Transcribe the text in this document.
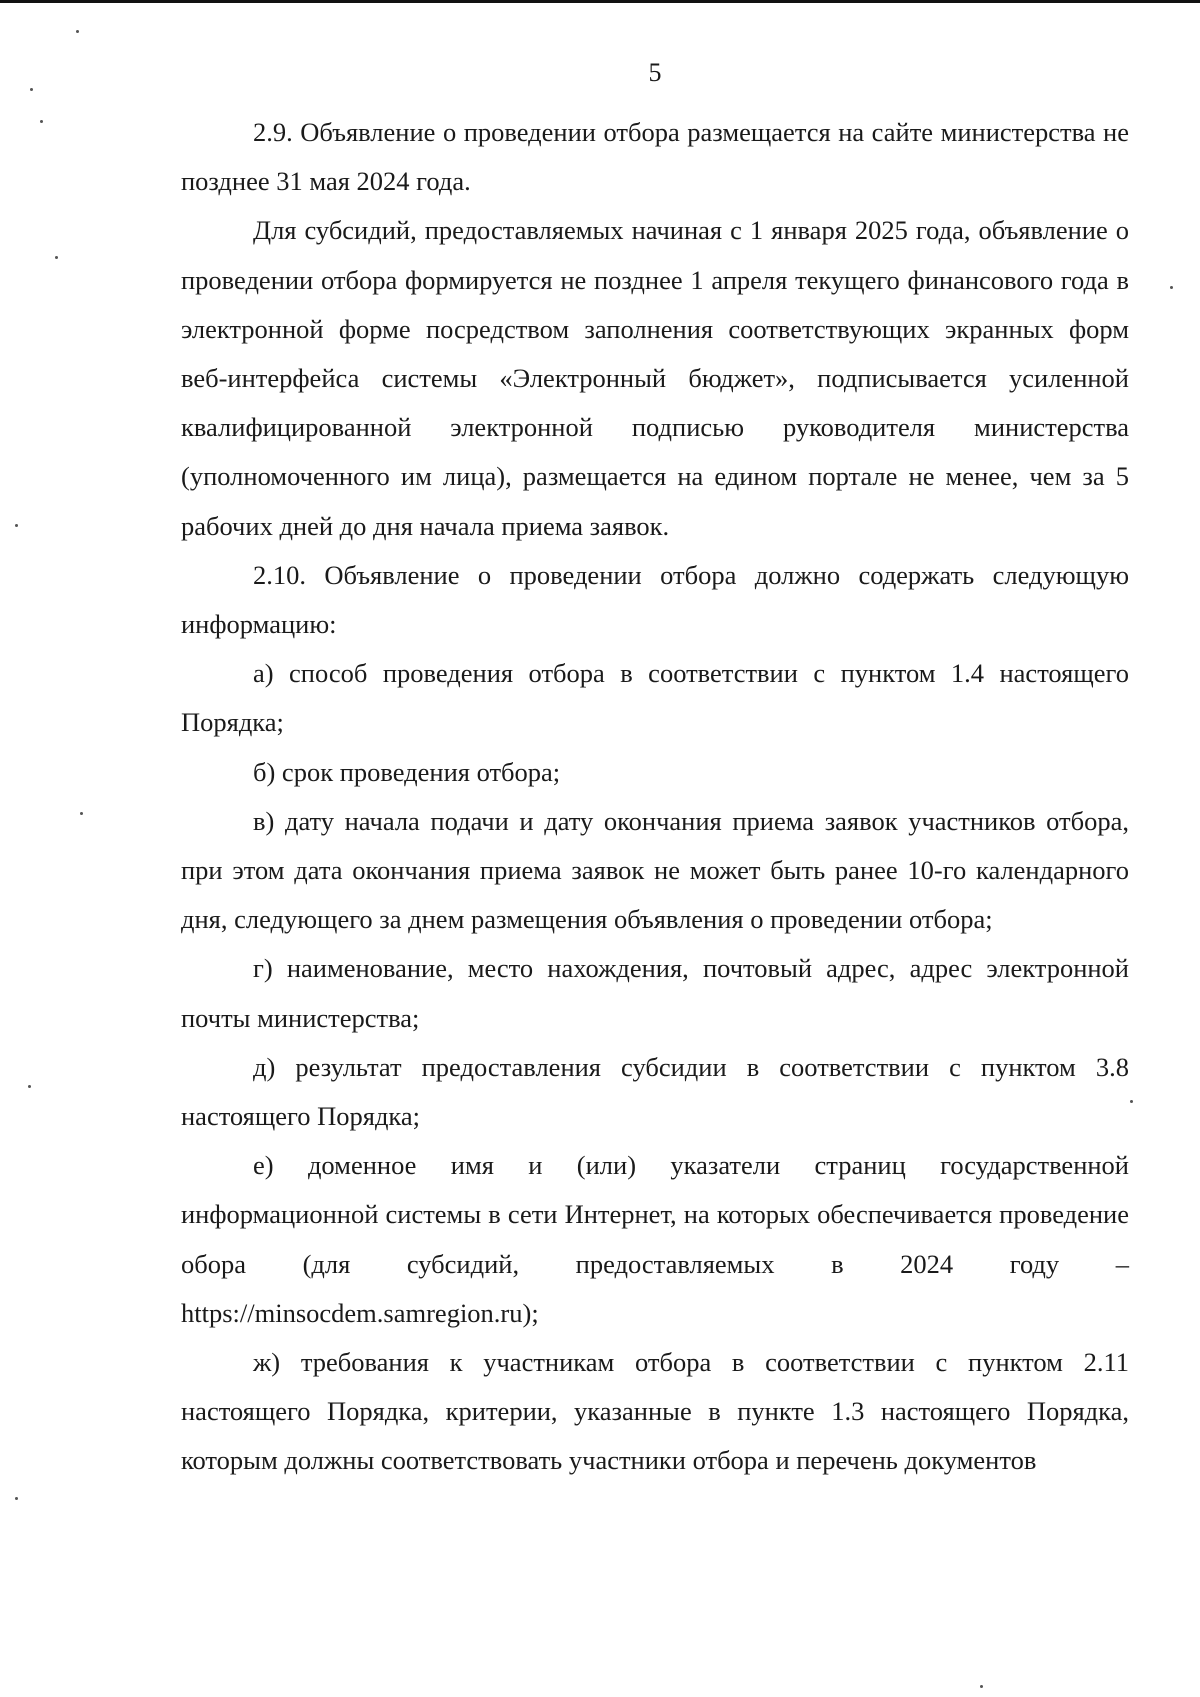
5

2.9. Объявление о проведении отбора размещается на сайте министерства не позднее 31 мая 2024 года.

Для субсидий, предоставляемых начиная с 1 января 2025 года, объявление о проведении отбора формируется не позднее 1 апреля текущего финансового года в электронной форме посредством заполнения соответствующих экранных форм веб-интерфейса системы «Электронный бюджет», подписывается усиленной квалифицированной электронной подписью руководителя министерства (уполномоченного им лица), размещается на едином портале не менее, чем за 5 рабочих дней до дня начала приема заявок.

2.10. Объявление о проведении отбора должно содержать следующую информацию:

а) способ проведения отбора в соответствии с пунктом 1.4 настоящего Порядка;

б) срок проведения отбора;

в) дату начала подачи и дату окончания приема заявок участников отбора, при этом дата окончания приема заявок не может быть ранее 10-го календарного дня, следующего за днем размещения объявления о проведении отбора;

г) наименование, место нахождения, почтовый адрес, адрес электронной почты министерства;

д) результат предоставления субсидии в соответствии с пунктом 3.8 настоящего Порядка;

е) доменное имя и (или) указатели страниц государственной информационной системы в сети Интернет, на которых обеспечивается проведение обора (для субсидий, предоставляемых в 2024 году – https://minsocdem.samregion.ru);

ж) требования к участникам отбора в соответствии с пунктом 2.11 настоящего Порядка, критерии, указанные в пункте 1.3 настоящего Порядка, которым должны соответствовать участники отбора и перечень документов
